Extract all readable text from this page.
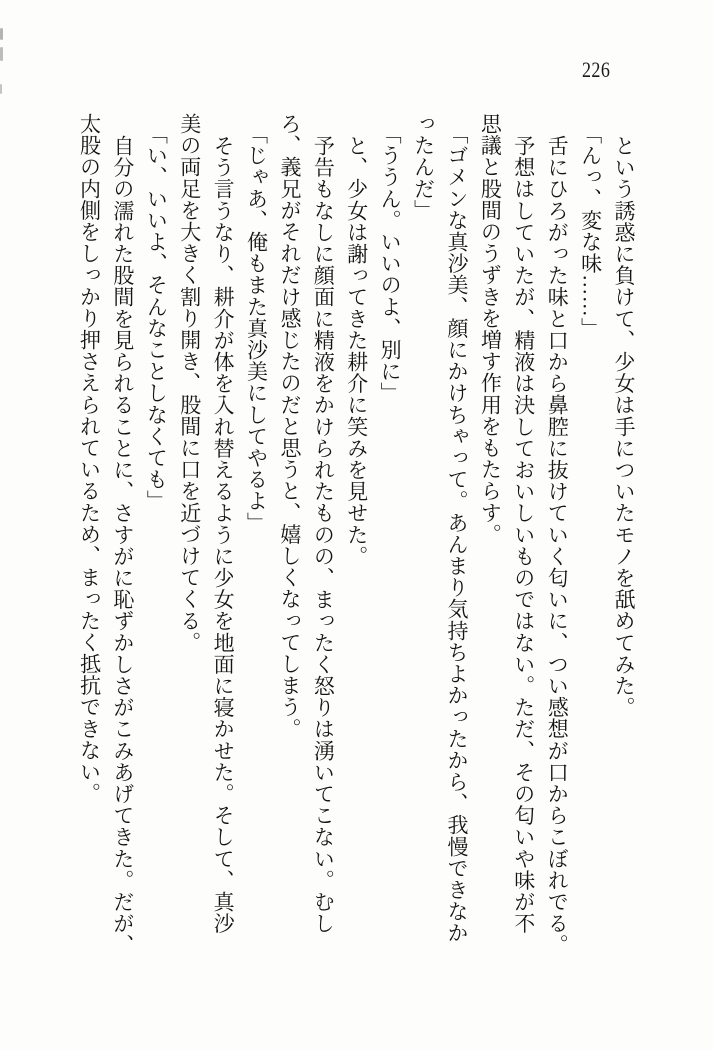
226

という誘惑に負けて、少女は手についたモノを舐めてみた。

「んっ、変な味……」

舌にひろがった味と口から鼻腔に抜けていく匂いに、つい感想が口からこぼれでる。

予想はしていたが、精液は決しておいしいものではない。ただ、その匂いや味が不

思議と股間のうずきを増す作用をもたらす。

「ゴメンな真沙美、顔にかけちゃって。あんまり気持ちよかったから、我慢できなか

ったんだ」

「ううん。いいのよ、別に」

と、少女は謝ってきた耕介に笑みを見せた。

予告もなしに顔面に精液をかけられたものの、まったく怒りは湧いてこない。むし

ろ、義兄がそれだけ感じたのだと思うと、嬉しくなってしまう。

「じゃあ、俺もまた真沙美にしてやるよ」

そう言うなり、耕介が体を入れ替えるように少女を地面に寝かせた。そして、真沙

美の両足を大きく割り開き、股間に口を近づけてくる。

「い、いいよ、そんなことしなくても」

自分の濡れた股間を見られることに、さすがに恥ずかしさがこみあげてきた。だが、

太股の内側をしっかり押さえられているため、まったく抵抗できない。
